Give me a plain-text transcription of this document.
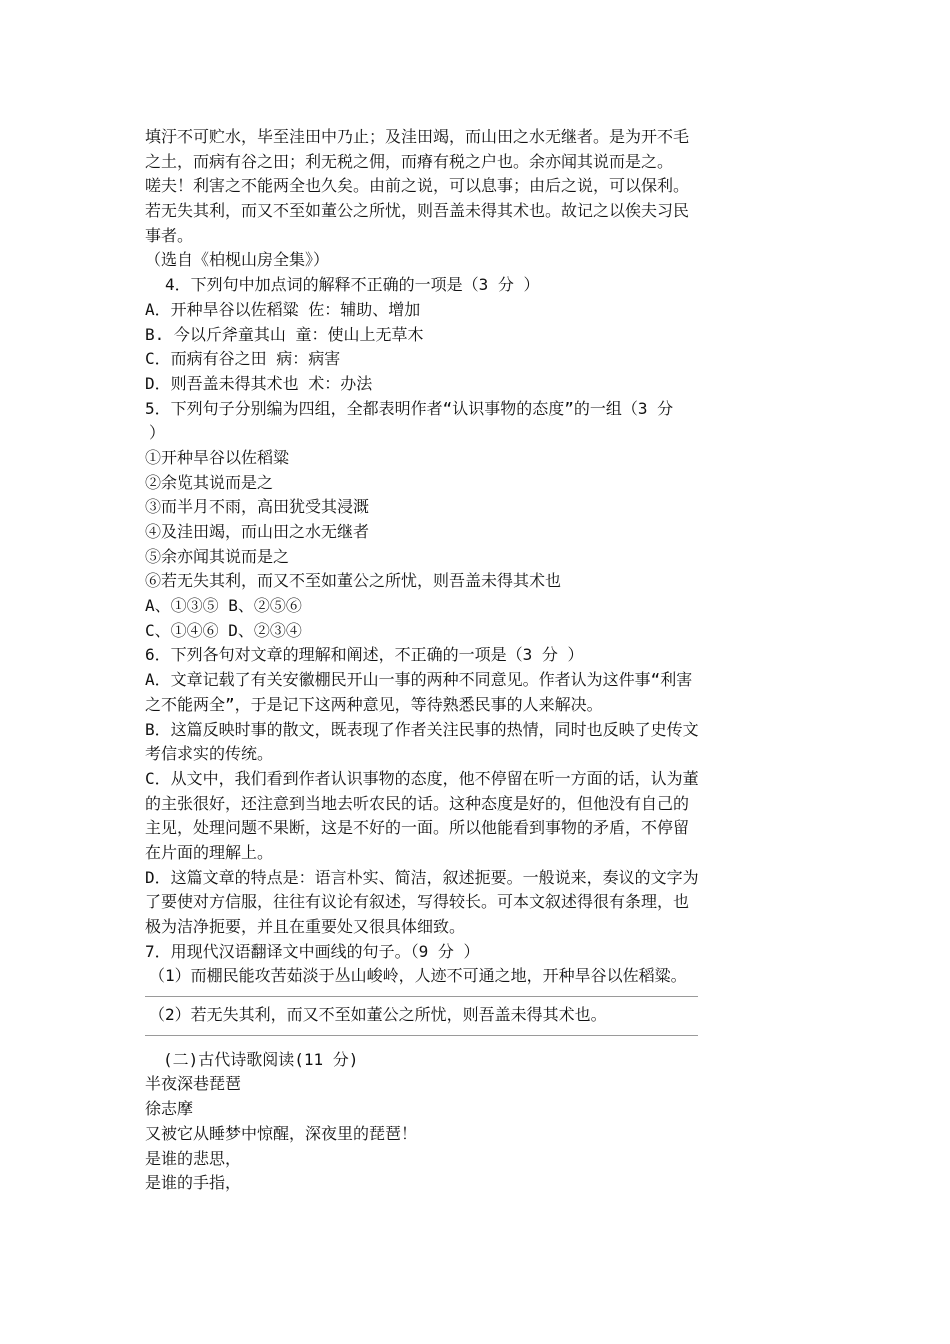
填汙不可贮水，毕至洼田中乃止；及洼田竭，而山田之水无继者。是为开不毛
之土，而病有谷之田；利无税之佣，而瘠有税之户也。余亦闻其说而是之。
嗟夫！利害之不能两全也久矣。由前之说，可以息事；由后之说，可以保利。
若无失其利，而又不至如董公之所忧，则吾盖未得其术也。故记之以俟夫习民
事者。
（选自《柏枧山房全集》）
4．下列句中加点词的解释不正确的一项是（3 分 ）
A．开种旱谷以佐稻粱 佐：辅助、增加
B. 今以斤斧童其山 童：使山上无草木
C．而病有谷之田 病：病害
D．则吾盖未得其术也 术：办法
5．下列句子分别编为四组，全都表明作者“认识事物的态度”的一组（3 分
）
①开种旱谷以佐稻粱
②余览其说而是之
③而半月不雨，高田犹受其浸溉
④及洼田竭，而山田之水无继者
⑤余亦闻其说而是之
⑥若无失其利，而又不至如董公之所忧，则吾盖未得其术也
A、①③⑤ B、②⑤⑥
C、①④⑥ D、②③④
6．下列各句对文章的理解和阐述，不正确的一项是（3 分 ）
A．文章记载了有关安徽棚民开山一事的两种不同意见。作者认为这件事“利害
之不能两全”，于是记下这两种意见，等待熟悉民事的人来解决。
B．这篇反映时事的散文，既表现了作者关注民事的热情，同时也反映了史传文
考信求实的传统。
C．从文中，我们看到作者认识事物的态度，他不停留在听一方面的话，认为董
的主张很好，还注意到当地去听农民的话。这种态度是好的，但他没有自己的
主见，处理问题不果断，这是不好的一面。所以他能看到事物的矛盾，不停留
在片面的理解上。
D．这篇文章的特点是：语言朴实、简洁，叙述扼要。一般说来，奏议的文字为
了要使对方信服，往往有议论有叙述，写得较长。可本文叙述得很有条理，也
极为洁净扼要，并且在重要处又很具体细致。
7．用现代汉语翻译文中画线的句子。（9 分 ）
（1）而棚民能攻苦茹淡于丛山峻岭，人迹不可通之地，开种旱谷以佐稻粱。
（2）若无失其利，而又不至如董公之所忧，则吾盖未得其术也。
(二)古代诗歌阅读(11 分)
半夜深巷琵琶
徐志摩
又被它从睡梦中惊醒，深夜里的琵琶！
是谁的悲思，
是谁的手指，
